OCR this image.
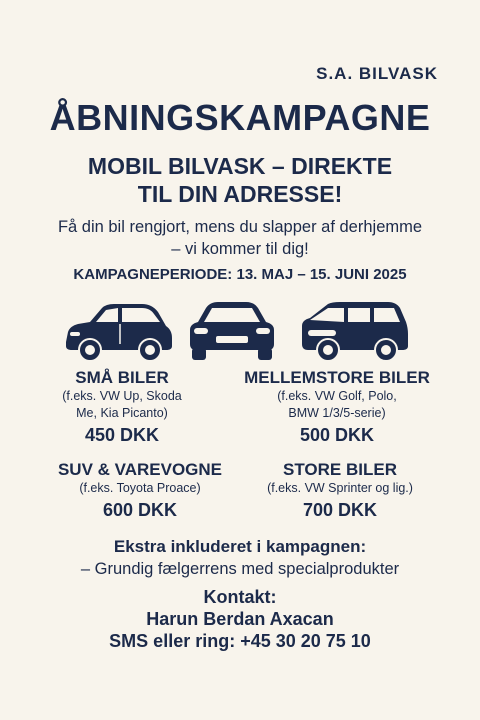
S.A. BILVASK
ÅBNINGSKAMPAGNE
MOBIL BILVASK – DIREKTE
TIL DIN ADRESSE!
Få din bil rengjort, mens du slapper af derhjemme
– vi kommer til dig!
KAMPAGNEPERIODE: 13. MAJ – 15. JUNI 2025
SMÅ BILER
(f.eks. VW Up, Skoda
Me, Kia Picanto)
450 DKK
MELLEMSTORE BILER
(f.eks. VW Golf, Polo,
BMW 1/3/5-serie)
500 DKK
SUV & VAREVOGNE
(f.eks. Toyota Proace)
600 DKK
STORE BILER
(f.eks. VW Sprinter og lig.)
700 DKK
Ekstra inkluderet i kampagnen:
– Grundig fælgerrens med specialprodukter
Kontakt:
Harun Berdan Axacan
SMS eller ring: +45 30 20 75 10
